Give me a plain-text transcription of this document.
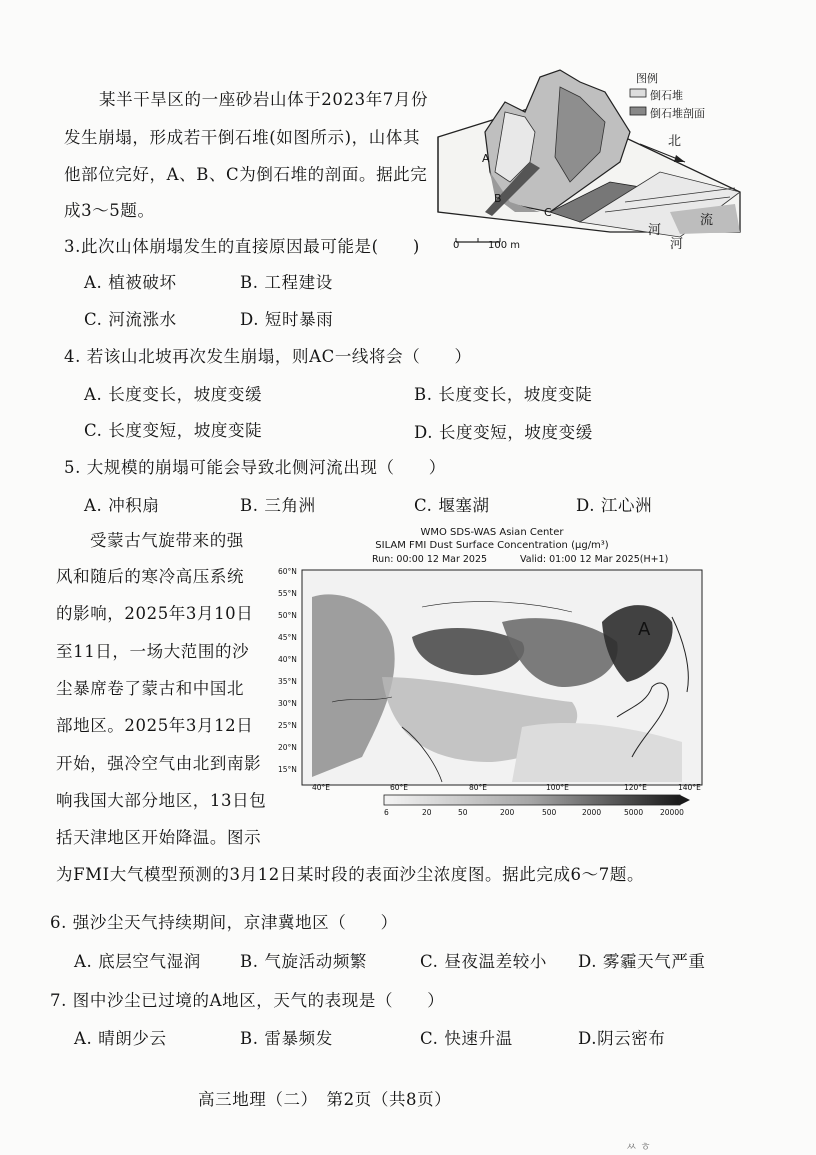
某半干旱区的一座砂岩山体于2023年7月份
发生崩塌，形成若干倒石堆(如图所示)，山体其
他部位完好，A、B、C为倒石堆的剖面。据此完
成3～5题。
图例
倒石堆
倒石堆剖面
北
A
B
C
河
流
河
0	100 m
3.此次山体崩塌发生的直接原因最可能是(　　)
A. 植被破坏	B. 工程建设
C. 河流涨水	D. 短时暴雨
4. 若该山北坡再次发生崩塌，则AC一线将会（　　）
A. 长度变长，坡度变缓	B. 长度变长，坡度变陡
C. 长度变短，坡度变陡	D. 长度变短，坡度变缓
5. 大规模的崩塌可能会导致北侧河流出现（　　）
A. 冲积扇	B. 三角洲	C. 堰塞湖	D. 江心洲
受蒙古气旋带来的强
风和随后的寒冷高压系统
的影响，2025年3月10日
至11日，一场大范围的沙
尘暴席卷了蒙古和中国北
部地区。2025年3月12日
开始，强冷空气由北到南影
响我国大部分地区，13日包
括天津地区开始降温。图示
为FMI大气模型预测的3月12日某时段的表面沙尘浓度图。据此完成6～7题。
WMO SDS-WAS Asian Center
SILAM FMI Dust Surface Concentration (μg/m³)
Run: 00:00 12 Mar 2025	Valid: 01:00 12 Mar 2025(H+1)
60°N
55°N
50°N
45°N
40°N
35°N
30°N
25°N
20°N
15°N
40°E	60°E	80°E	100°E	120°E	140°E
6	20	50	200	500	2000	5000 20000
A
6. 强沙尘天气持续期间，京津冀地区（　　）
A. 底层空气湿润 B. 气旋活动频繁	C. 昼夜温差较小 D. 雾霾天气严重
7. 图中沙尘已过境的A地区，天气的表现是（　　）
A. 晴朗少云	B. 雷暴频发	C. 快速升温	D.阴云密布
高三地理（二）　第2页（共8页）
ㅆ ㅎ
